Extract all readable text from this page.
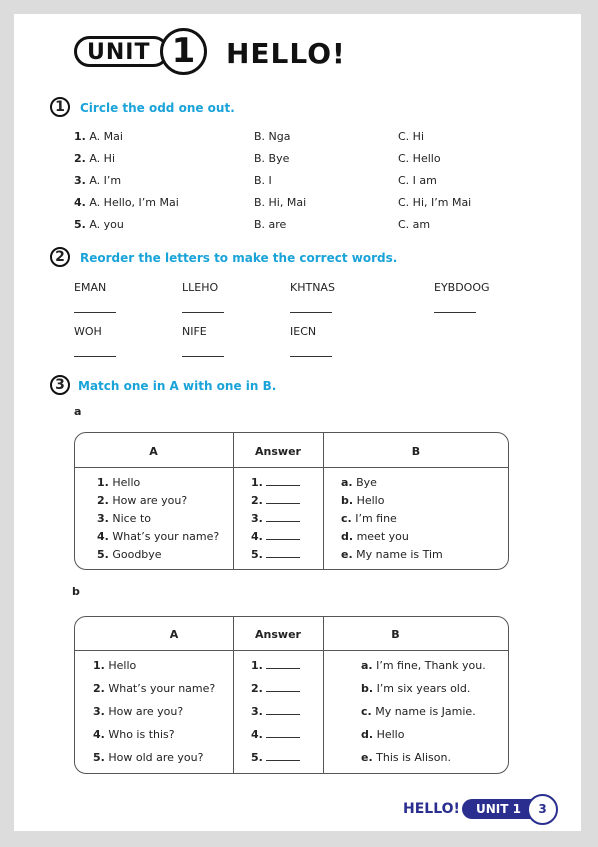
UNIT 1	HELLO!
1	Circle the odd one out.
1. A. Mai	B. Nga	C. Hi
2. A. Hi	B. Bye	C. Hello
3. A. I’m	B. I	C. I am
4. A. Hello, I’m Mai	B. Hi, Mai	C. Hi, I’m Mai
5. A. you	B. are	C. am
2	Reorder the letters to make the correct words.
EMAN	LLEHO	KHTNAS	EYBDOOG
WOH	NIFE	IECN
3	Match one in A with one in B.
a
A	Answer	B
1. Hello	1.	a. Bye
2. How are you?	2.	b. Hello
3. Nice to	3.	c. I’m fine
4. What’s your name?	4.	d. meet you
5. Goodbye	5.	e. My name is Tim
b
A	Answer	B
1. Hello	1.	a. I’m fine, Thank you.
2. What’s your name?	2.	b. I’m six years old.
3. How are you?	3.	c. My name is Jamie.
4. Who is this?	4.	d. Hello
5. How old are you?	5.	e. This is Alison.
HELLO!	UNIT 1	3
